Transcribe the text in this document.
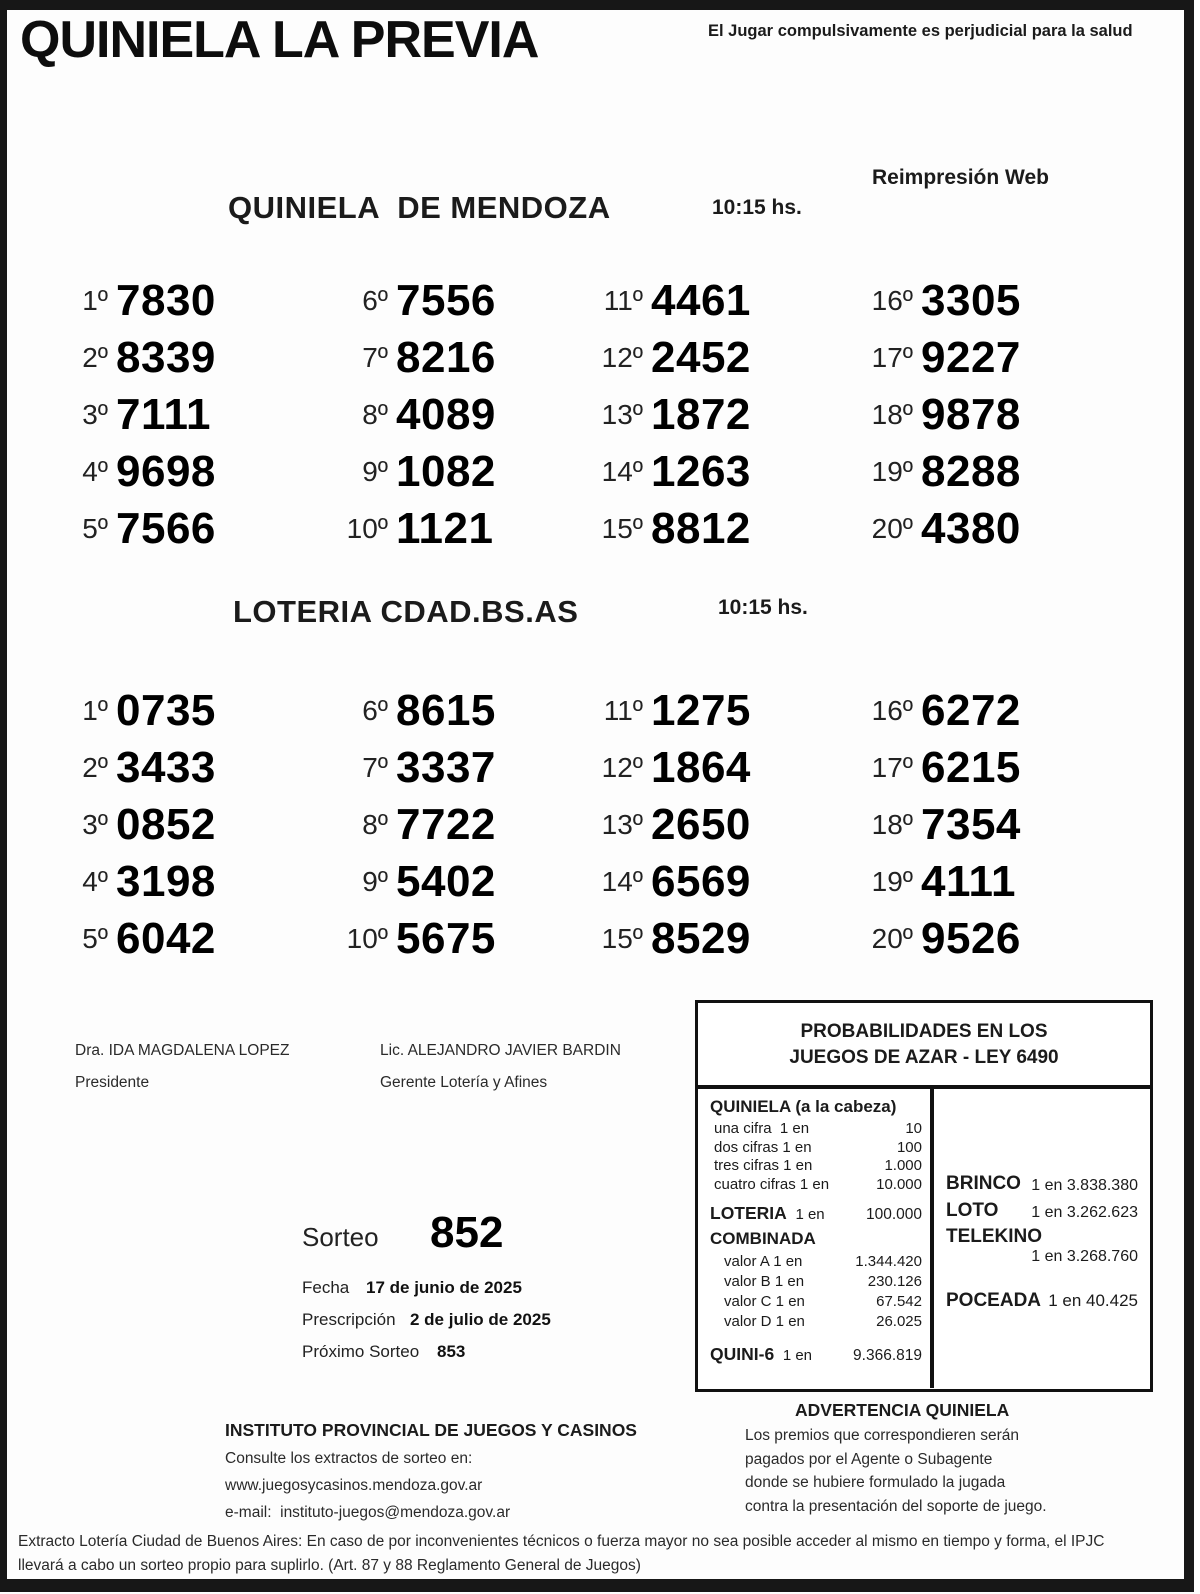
QUINIELA LA PREVIA	El Jugar compulsivamente es perjudicial para la salud
Reimpresión Web
QUINIELA  DE MENDOZA	10:15 hs.
1º 7830
2º 8339
3º 7111
4º 9698
5º 7566
6º 7556
7º 8216
8º 4089
9º 1082
10º 1121
11º 4461
12º 2452
13º 1872
14º 1263
15º 8812
16º 3305
17º 9227
18º 9878
19º 8288
20º 4380
LOTERIA CDAD.BS.AS	10:15 hs.
1º 0735
2º 3433
3º 0852
4º 3198
5º 6042
6º 8615
7º 3337
8º 7722
9º 5402
10º 5675
11º 1275
12º 1864
13º 2650
14º 6569
15º 8529
16º 6272
17º 6215
18º 7354
19º 4111
20º 9526
Dra. IDA MAGDALENA LOPEZ
Presidente
Lic. ALEJANDRO JAVIER BARDIN
Gerente Lotería y Afines
Sorteo 852
Fecha 17 de junio de 2025
Prescripción 2 de julio de 2025
Próximo Sorteo 853
PROBABILIDADES EN LOS
JUEGOS DE AZAR - LEY 6490
QUINIELA (a la cabeza)
una cifra  1 en	10
dos cifras 1 en	100
tres cifras 1 en	1.000
cuatro cifras 1 en	10.000
LOTERIA 1 en	100.000
COMBINADA
valor A 1 en	1.344.420
valor B 1 en	230.126
valor C 1 en	67.542
valor D 1 en	26.025
QUINI-6 1 en	9.366.819
BRINCO 1 en 3.838.380
LOTO 1 en 3.262.623
TELEKINO
1 en 3.268.760
POCEADA 1 en 40.425
ADVERTENCIA QUINIELA
Los premios que correspondieren serán
pagados por el Agente o Subagente
donde se hubiere formulado la jugada
contra la presentación del soporte de juego.
INSTITUTO PROVINCIAL DE JUEGOS Y CASINOS
Consulte los extractos de sorteo en:
www.juegosycasinos.mendoza.gov.ar
e-mail:  instituto-juegos@mendoza.gov.ar
Extracto Lotería Ciudad de Buenos Aires: En caso de por inconvenientes técnicos o fuerza mayor no sea posible acceder al mismo en tiempo y forma, el IPJC llevará a cabo un sorteo propio para suplirlo. (Art. 87 y 88 Reglamento General de Juegos)
